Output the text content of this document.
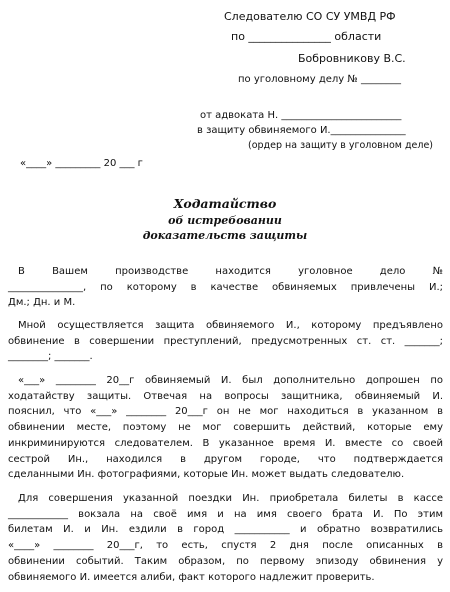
Следователю СО СУ УМВД РФ
по _______________ области
Бобровникову В.С.
по уголовному делу № ________
от адвоката Н. ________________________
в защиту обвиняемого И._______________
(ордер на защиту в уголовном деле)
«____» _________ 20 ___ г
Ходатайство
об истребовании
доказательств защиты

В Вашем производстве находится уголовное дело №

_______________, по которому в качестве обвиняемых привлечены И.;

Дм.; Дн. и М.

Мной осуществляется защита обвиняемого И., которому предъявлено

обвинение в совершении преступлений, предусмотренных ст. ст. _______;

________; _______.

«___» ________ 20__г обвиняемый И. был дополнительно допрошен по

ходатайству защиты. Отвечая на вопросы защитника, обвиняемый И.

пояснил, что «___» ________ 20___г он не мог находиться в указанном в

обвинении месте, поэтому не мог совершить действий, которые ему

инкриминируются следователем. В указанное время И. вместе со своей

сестрой Ин., находился в другом городе, что подтверждается

сделанными Ин. фотографиями, которые Ин. может выдать следователю.

Для совершения указанной поездки Ин. приобретала билеты в кассе

____________ вокзала на своё имя и на имя своего брата И. По этим

билетам И. и Ин. ездили в город ___________ и обратно возвратились

«____» ________ 20___г, то есть, спустя 2 дня после описанных в

обвинении событий. Таким образом, по первому эпизоду обвинения у

обвиняемого И. имеется алиби, факт которого надлежит проверить.
